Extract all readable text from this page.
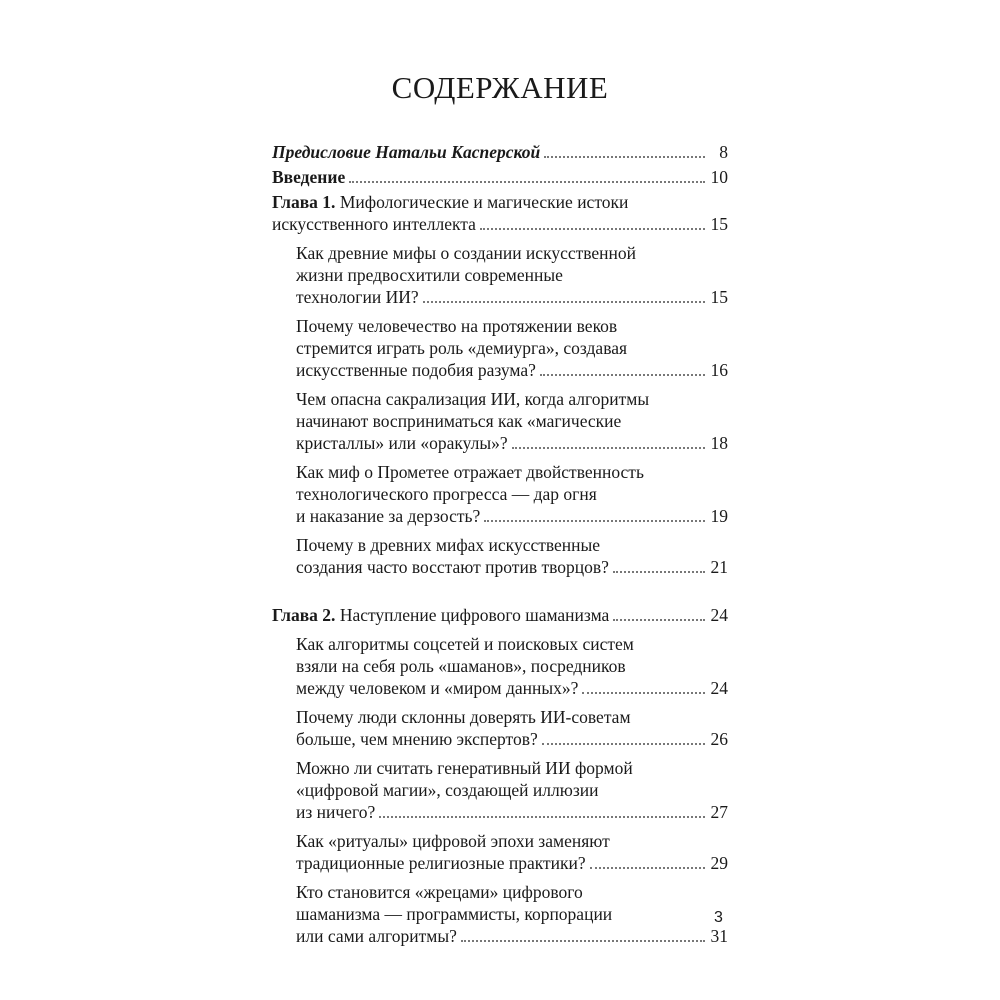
СОДЕРЖАНИЕ
Предисловие Натальи Касперской	8
Введение	10
Глава 1. Мифологические и магические истоки
искусственного интеллекта	15
Как древние мифы о создании искусственной
жизни предвосхитили современные
технологии ИИ?	15
Почему человечество на протяжении веков
стремится играть роль «демиурга», создавая
искусственные подобия разума?	16
Чем опасна сакрализация ИИ, когда алгоритмы
начинают восприниматься как «магические
кристаллы» или «оракулы»?	18
Как миф о Прометее отражает двойственность
технологического прогресса — дар огня
и наказание за дерзость?	19
Почему в древних мифах искусственные
создания часто восстают против творцов?	21
Глава 2. Наступление цифрового шаманизма	24
Как алгоритмы соцсетей и поисковых систем
взяли на себя роль «шаманов», посредников
между человеком и «миром данных»?	24
Почему люди склонны доверять ИИ-советам
больше, чем мнению экспертов?	26
Можно ли считать генеративный ИИ формой
«цифровой магии», создающей иллюзии
из ничего?	27
Как «ритуалы» цифровой эпохи заменяют
традиционные религиозные практики?	29
Кто становится «жрецами» цифрового
шаманизма — программисты, корпорации
или сами алгоритмы?	31
3
